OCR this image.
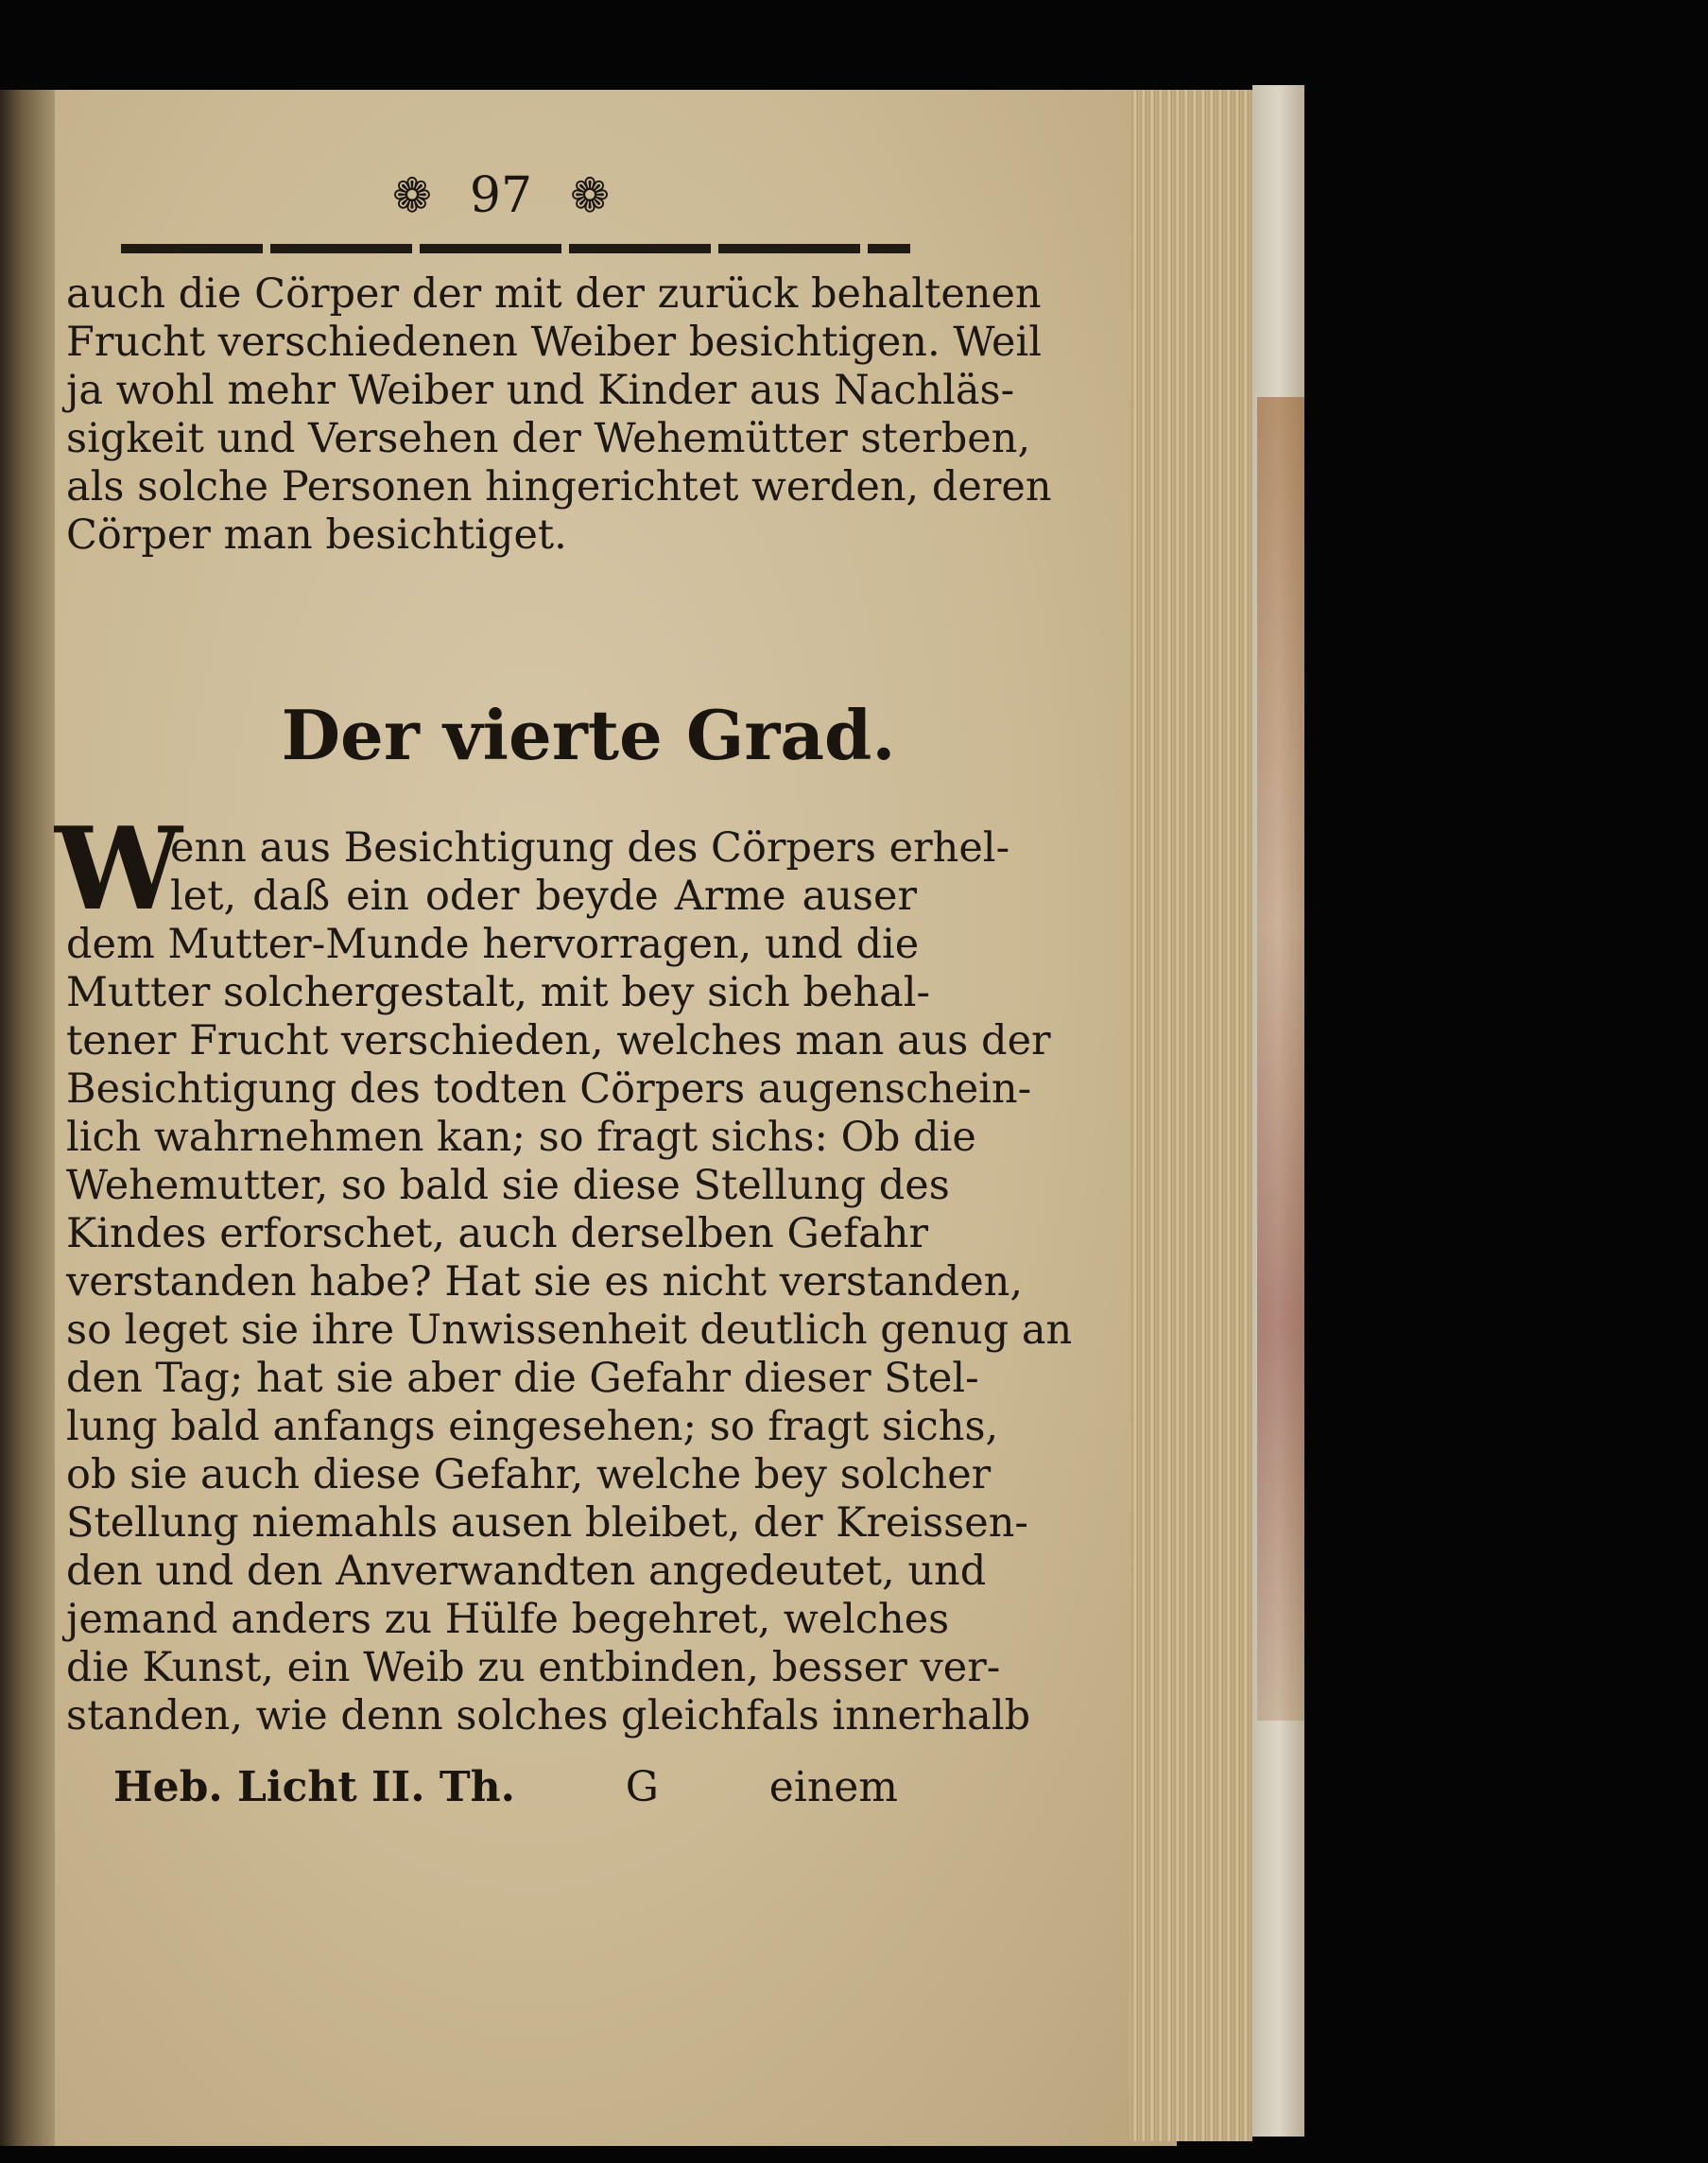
❁ 97 ❁
auch die Cörper der mit der zurück behaltenen
Frucht verschiedenen Weiber besichtigen. Weil
ja wohl mehr Weiber und Kinder aus Nachläs-
sigkeit und Versehen der Wehemütter sterben,
als solche Personen hingerichtet werden, deren
Cörper man besichtiget.
Der vierte Grad.
W
enn aus Besichtigung des Cörpers erhel-
let, daß ein oder beyde Arme auser
dem Mutter-Munde hervorragen, und die
Mutter solchergestalt, mit bey sich behal-
tener Frucht verschieden, welches man aus der
Besichtigung des todten Cörpers augenschein-
lich wahrnehmen kan; so fragt sichs: Ob die
Wehemutter, so bald sie diese Stellung des
Kindes erforschet, auch derselben Gefahr
verstanden habe? Hat sie es nicht verstanden,
so leget sie ihre Unwissenheit deutlich genug an
den Tag; hat sie aber die Gefahr dieser Stel-
lung bald anfangs eingesehen; so fragt sichs,
ob sie auch diese Gefahr, welche bey solcher
Stellung niemahls ausen bleibet, der Kreissen-
den und den Anverwandten angedeutet, und
jemand anders zu Hülfe begehret, welches
die Kunst, ein Weib zu entbinden, besser ver-
standen, wie denn solches gleichfals innerhalb
Heb. Licht II. Th.	G	einem
